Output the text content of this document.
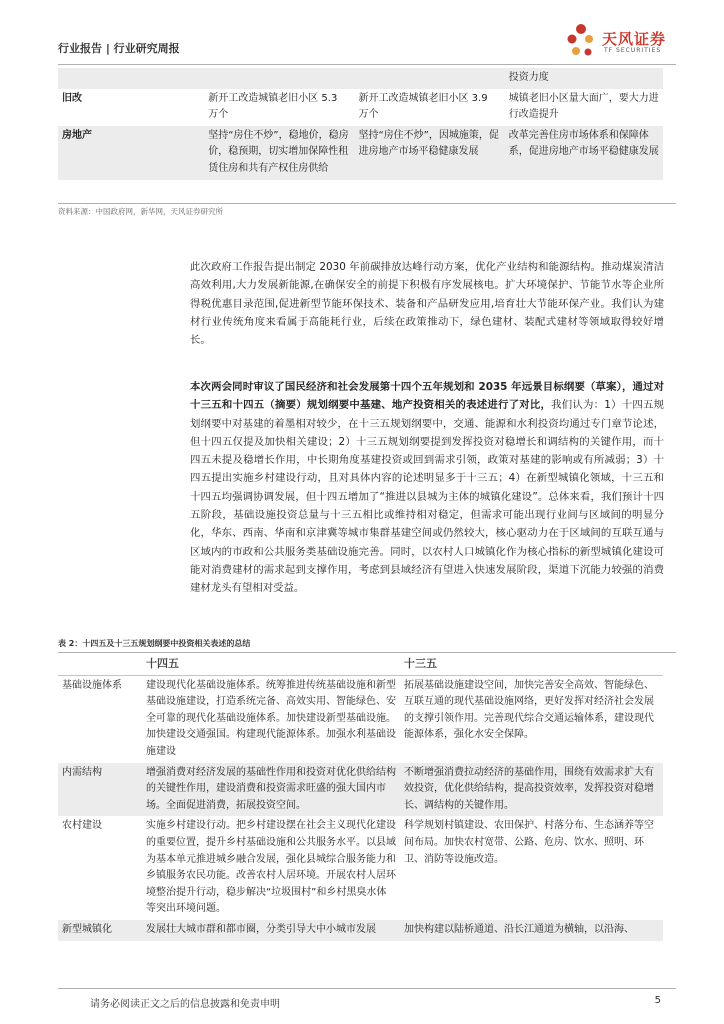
行业报告 | 行业研究周报
天风证券
TF SECURITIES
			投资力度
旧改	新开工改造城镇老旧小区 5.3 万个	新开工改造城镇老旧小区 3.9 万个	城镇老旧小区量大面广，要大力进行改造提升
房地产	坚持“房住不炒”，稳地价，稳房价，稳预期，切实增加保障性租赁住房和共有产权住房供给	坚持“房住不炒”，因城施策，促进房地产市场平稳健康发展	改革完善住房市场体系和保障体系，促进房地产市场平稳健康发展
资料来源：中国政府网，新华网，天风证券研究所
此次政府工作报告提出制定 2030 年前碳排放达峰行动方案，优化产业结构和能源结构。推动煤炭清洁高效利用,大力发展新能源,在确保安全的前提下积极有序发展核电。扩大环境保护、节能节水等企业所得税优惠目录范围,促进新型节能环保技术、装备和产品研发应用,培育壮大节能环保产业。我们认为建材行业传统角度来看属于高能耗行业，后续在政策推动下，绿色建材、装配式建材等领域取得较好增长。
本次两会同时审议了国民经济和社会发展第十四个五年规划和 2035 年远景目标纲要（草案），通过对十三五和十四五（摘要）规划纲要中基建、地产投资相关的表述进行了对比，我们认为：1）十四五规划纲要中对基建的着墨相对较少，在十三五规划纲要中，交通、能源和水利投资均通过专门章节论述，但十四五仅提及加快相关建设；2）十三五规划纲要提到发挥投资对稳增长和调结构的关键作用，而十四五未提及稳增长作用，中长期角度基建投资或回到需求引领，政策对基建的影响或有所减弱；3）十四五提出实施乡村建设行动，且对具体内容的论述明显多于十三五；4）在新型城镇化领域，十三五和十四五均强调协调发展，但十四五增加了“推进以县城为主体的城镇化建设”。总体来看，我们预计十四五阶段，基础设施投资总量与十三五相比或维持相对稳定，但需求可能出现行业间与区域间的明显分化，华东、西南、华南和京津冀等城市集群基建空间或仍然较大，核心驱动力在于区域间的互联互通与区域内的市政和公共服务类基础设施完善。同时，以农村人口城镇化作为核心指标的新型城镇化建设可能对消费建材的需求起到支撑作用，考虑到县域经济有望进入快速发展阶段，渠道下沉能力较强的消费建材龙头有望相对受益。
表 2：十四五及十三五规划纲要中投资相关表述的总结
	十四五	十三五
基础设施体系	建设现代化基础设施体系。统筹推进传统基础设施和新型基础设施建设，打造系统完备、高效实用、智能绿色、安全可靠的现代化基础设施体系。加快建设新型基础设施。加快建设交通强国。构建现代能源体系。加强水利基础设施建设	拓展基础设施建设空间，加快完善安全高效、智能绿色、互联互通的现代基础设施网络，更好发挥对经济社会发展的支撑引领作用。完善现代综合交通运输体系，建设现代能源体系，强化水安全保障。
内需结构	增强消费对经济发展的基础性作用和投资对优化供给结构的关键性作用，建设消费和投资需求旺盛的强大国内市场。全面促进消费，拓展投资空间。	不断增强消费拉动经济的基础作用，围绕有效需求扩大有效投资，优化供给结构，提高投资效率，发挥投资对稳增长、调结构的关键作用。
农村建设	实施乡村建设行动。把乡村建设摆在社会主义现代化建设的重要位置，提升乡村基础设施和公共服务水平。以县域为基本单元推进城乡融合发展，强化县城综合服务能力和乡镇服务农民功能。改善农村人居环境。开展农村人居环境整治提升行动，稳步解决“垃圾围村”和乡村黑臭水体等突出环境问题。	科学规划村镇建设、农田保护、村落分布、生态涵养等空间布局。加快农村宽带、公路、危房、饮水、照明、环卫、消防等设施改造。
新型城镇化	发展壮大城市群和都市圈，分类引导大中小城市发展	加快构建以陆桥通道、沿长江通道为横轴，以沿海、
请务必阅读正文之后的信息披露和免责申明	5
